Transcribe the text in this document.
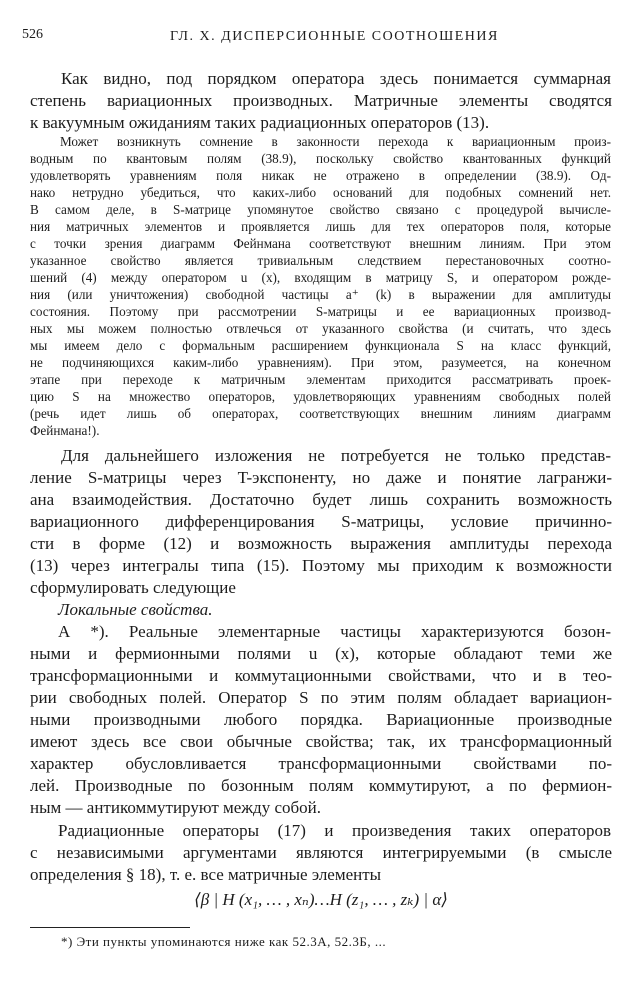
526	ГЛ. X. ДИСПЕРСИОННЫЕ СООТНОШЕНИЯ
Как видно, под порядком оператора здесь понимается суммарная
степень вариационных производных. Матричные элементы сводятся
к вакуумным ожиданиям таких радиационных операторов (13).
Может возникнуть сомнение в законности перехода к вариационным произ-
водным по квантовым полям (38.9), поскольку свойство квантованных функций
удовлетворять уравнениям поля никак не отражено в определении (38.9). Од-
нако нетрудно убедиться, что каких-либо оснований для подобных сомнений нет.
В самом деле, в S-матрице упомянутое свойство связано с процедурой вычисле-
ния матричных элементов и проявляется лишь для тех операторов поля, которые
с точки зрения диаграмм Фейнмана соответствуют внешним линиям. При этом
указанное свойство является тривиальным следствием перестановочных соотно-
шений (4) между оператором u (x), входящим в матрицу S, и оператором рожде-
ния (или уничтожения) свободной частицы a⁺ (k) в выражении для амплитуды
состояния. Поэтому при рассмотрении S-матрицы и ее вариационных производ-
ных мы можем полностью отвлечься от указанного свойства (и считать, что здесь
мы имеем дело с формальным расширением функционала S на класс функций,
не подчиняющихся каким-либо уравнениям). При этом, разумеется, на конечном
этапе при переходе к матричным элементам приходится рассматривать проек-
цию S на множество операторов, удовлетворяющих уравнениям свободных полей
(речь идет лишь об операторах, соответствующих внешним линиям диаграмм
Фейнмана!).
Для дальнейшего изложения не потребуется не только представ-
ление S-матрицы через T-экспоненту, но даже и понятие лагранжи-
ана взаимодействия. Достаточно будет лишь сохранить возможность
вариационного дифференцирования S-матрицы, условие причинно-
сти в форме (12) и возможность выражения амплитуды перехода
(13) через интегралы типа (15). Поэтому мы приходим к возможности
сформулировать следующие
Локальные свойства.
А *). Реальные элементарные частицы характеризуются бозон-
ными и фермионными полями u (x), которые обладают теми же
трансформационными и коммутационными свойствами, что и в тео-
рии свободных полей. Оператор S по этим полям обладает вариацион-
ными производными любого порядка. Вариационные производные
имеют здесь все свои обычные свойства; так, их трансформационный
характер обусловливается трансформационными свойствами по-
лей. Производные по бозонным полям коммутируют, а по фермион-
ным — антикоммутируют между собой.
Радиационные операторы (17) и произведения таких операторов
с независимыми аргументами являются интегрируемыми (в смысле
определения § 18), т. е. все матричные элементы
⟨β | H (x₁, … , xₙ)…H (z₁, … , zₖ) | α⟩
*) Эти пункты упоминаются ниже как 52.3А, 52.3Б, ...
